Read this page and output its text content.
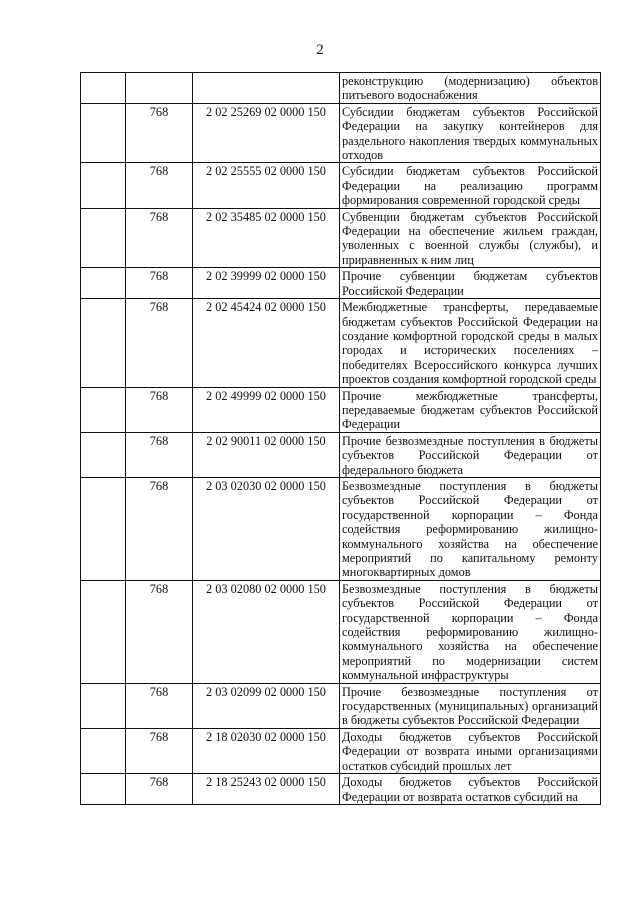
2
			реконструкцию (модернизацию) объектов питьевого водоснабжения
	768	2 02 25269 02 0000 150	Субсидии бюджетам субъектов Российской Федерации на закупку контейнеров для раздельного накопления твердых коммунальных отходов
	768	2 02 25555 02 0000 150	Субсидии бюджетам субъектов Российской Федерации на реализацию программ формирования современной городской среды
	768	2 02 35485 02 0000 150	Субвенции бюджетам субъектов Российской Федерации на обеспечение жильем граждан, уволенных с военной службы (службы), и приравненных к ним лиц
	768	2 02 39999 02 0000 150	Прочие субвенции бюджетам субъектов Российской Федерации
	768	2 02 45424 02 0000 150	Межбюджетные трансферты, передаваемые бюджетам субъектов Российской Федерации на создание комфортной городской среды в малых городах и исторических поселениях – победителях Всероссийского конкурса лучших проектов создания комфортной городской среды
	768	2 02 49999 02 0000 150	Прочие межбюджетные трансферты, передаваемые бюджетам субъектов Российской Федерации
	768	2 02 90011 02 0000 150	Прочие безвозмездные поступления в бюджеты субъектов Российской Федерации от федерального бюджета
	768	2 03 02030 02 0000 150	Безвозмездные поступления в бюджеты субъектов Российской Федерации от государственной корпорации – Фонда содействия реформированию жилищно-коммунального хозяйства на обеспечение мероприятий по капитальному ремонту многоквартирных домов
	768	2 03 02080 02 0000 150	Безвозмездные поступления в бюджеты субъектов Российской Федерации от государственной корпорации – Фонда содействия реформированию жилищно-коммунального хозяйства на обеспечение мероприятий по модернизации систем коммунальной инфраструктуры
	768	2 03 02099 02 0000 150	Прочие безвозмездные поступления от государственных (муниципальных) организаций в бюджеты субъектов Российской Федерации
	768	2 18 02030 02 0000 150	Доходы бюджетов субъектов Российской Федерации от возврата иными организациями остатков субсидий прошлых лет
	768	2 18 25243 02 0000 150	Доходы бюджетов субъектов Российской Федерации от возврата остатков субсидий на
